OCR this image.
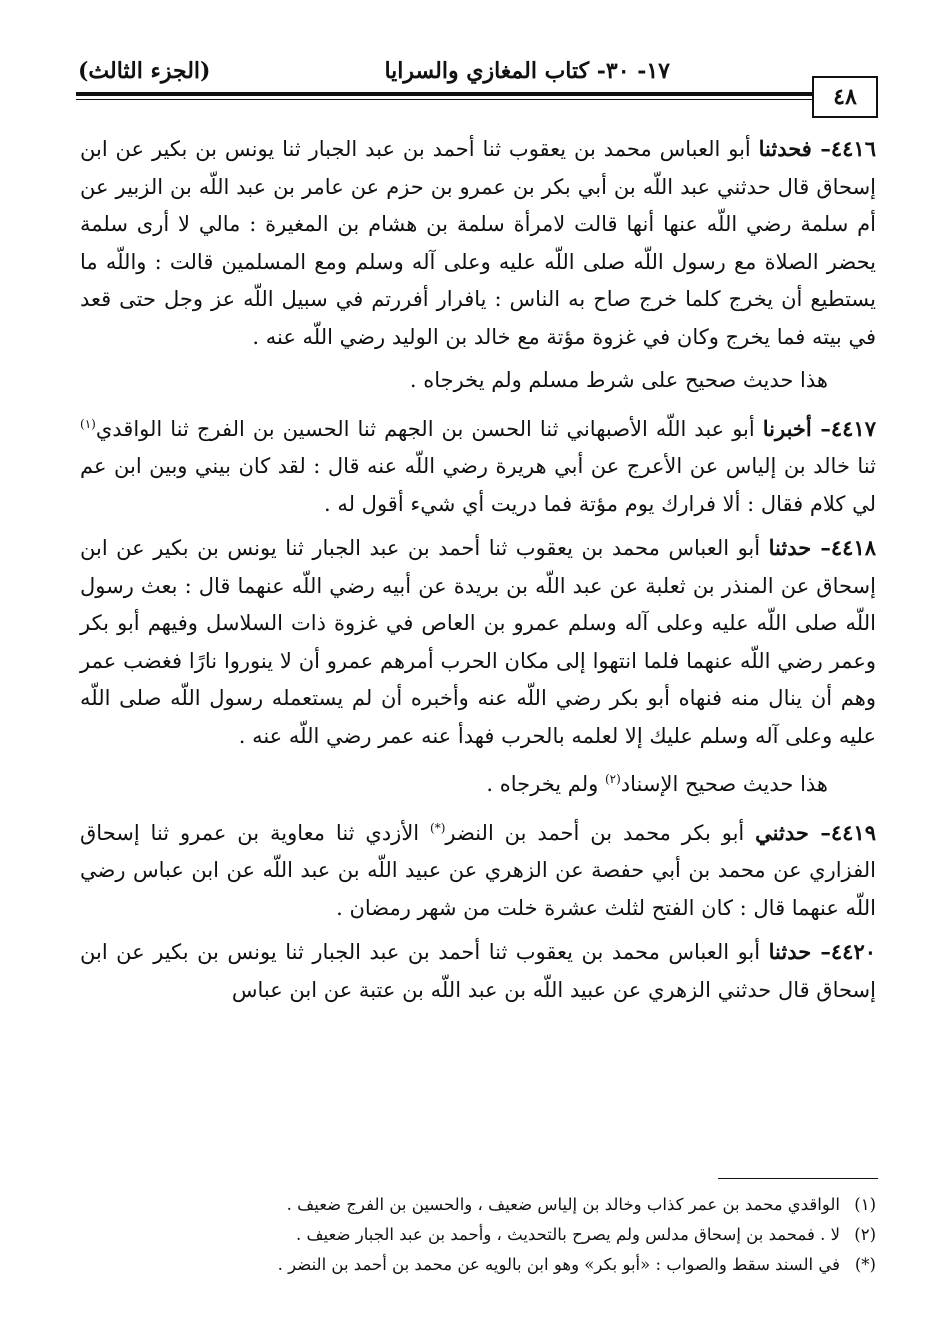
١٧- ٣٠- كتاب المغازي والسرايا
(الجزء الثالث)
٤٨

٤٤١٦– فحدثنا أبو العباس محمد بن يعقوب ثنا أحمد بن عبد الجبار ثنا يونس بن بكير عن ابن إسحاق قال حدثني عبد اللّه بن أبي بكر بن عمرو بن حزم عن عامر بن عبد اللّه بن الزبير عن أم سلمة رضي اللّه عنها أنها قالت لامرأة سلمة بن هشام بن المغيرة : مالي لا أرى سلمة يحضر الصلاة مع رسول اللّه صلى اللّه عليه وعلى آله وسلم ومع المسلمين قالت : واللّه ما يستطيع أن يخرج كلما خرج صاح به الناس : يافرار أفررتم في سبيل اللّه عز وجل حتى قعد في بيته فما يخرج وكان في غزوة مؤتة مع خالد بن الوليد رضي اللّه عنه .

هذا حديث صحيح على شرط مسلم ولم يخرجاه .

٤٤١٧– أخبرنا أبو عبد اللّه الأصبهاني ثنا الحسن بن الجهم ثنا الحسين بن الفرج ثنا الواقدي$^{(١)}$ ثنا خالد بن إلياس عن الأعرج عن أبي هريرة رضي اللّه عنه قال : لقد كان بيني وبين ابن عم لي كلام فقال : ألا فرارك يوم مؤتة فما دريت أي شيء أقول له .

٤٤١٨– حدثنا أبو العباس محمد بن يعقوب ثنا أحمد بن عبد الجبار ثنا يونس بن بكير عن ابن إسحاق عن المنذر بن ثعلبة عن عبد اللّه بن بريدة عن أبيه رضي اللّه عنهما قال : بعث رسول اللّه صلى اللّه عليه وعلى آله وسلم عمرو بن العاص في غزوة ذات السلاسل وفيهم أبو بكر وعمر رضي اللّه عنهما فلما انتهوا إلى مكان الحرب أمرهم عمرو أن لا ينوروا نارًا فغضب عمر وهم أن ينال منه فنهاه أبو بكر رضي اللّه عنه وأخبره أن لم يستعمله رسول اللّه صلى اللّه عليه وعلى آله وسلم عليك إلا لعلمه بالحرب فهدأ عنه عمر رضي اللّه عنه .

هذا حديث صحيح الإسناد$^{(٢)}$ ولم يخرجاه .

٤٤١٩– حدثني أبو بكر محمد بن أحمد بن النضر(*) الأزدي ثنا معاوية بن عمرو ثنا إسحاق الفزاري عن محمد بن أبي حفصة عن الزهري عن عبيد اللّه بن عبد اللّه عن ابن عباس رضي اللّه عنهما قال : كان الفتح لثلث عشرة خلت من شهر رمضان .

٤٤٢٠– حدثنا أبو العباس محمد بن يعقوب ثنا أحمد بن عبد الجبار ثنا يونس بن بكير عن ابن إسحاق قال حدثني الزهري عن عبيد اللّه بن عبد اللّه بن عتبة عن ابن عباس

(١)الواقدي محمد بن عمر كذاب وخالد بن إلياس ضعيف ، والحسين بن الفرج ضعيف .
(٢)لا . فمحمد بن إسحاق مدلس ولم يصرح بالتحديث ، وأحمد بن عبد الجبار ضعيف .
(*)في السند سقط والصواب : «أبو بكر» وهو ابن بالويه عن محمد بن أحمد بن النضر .
